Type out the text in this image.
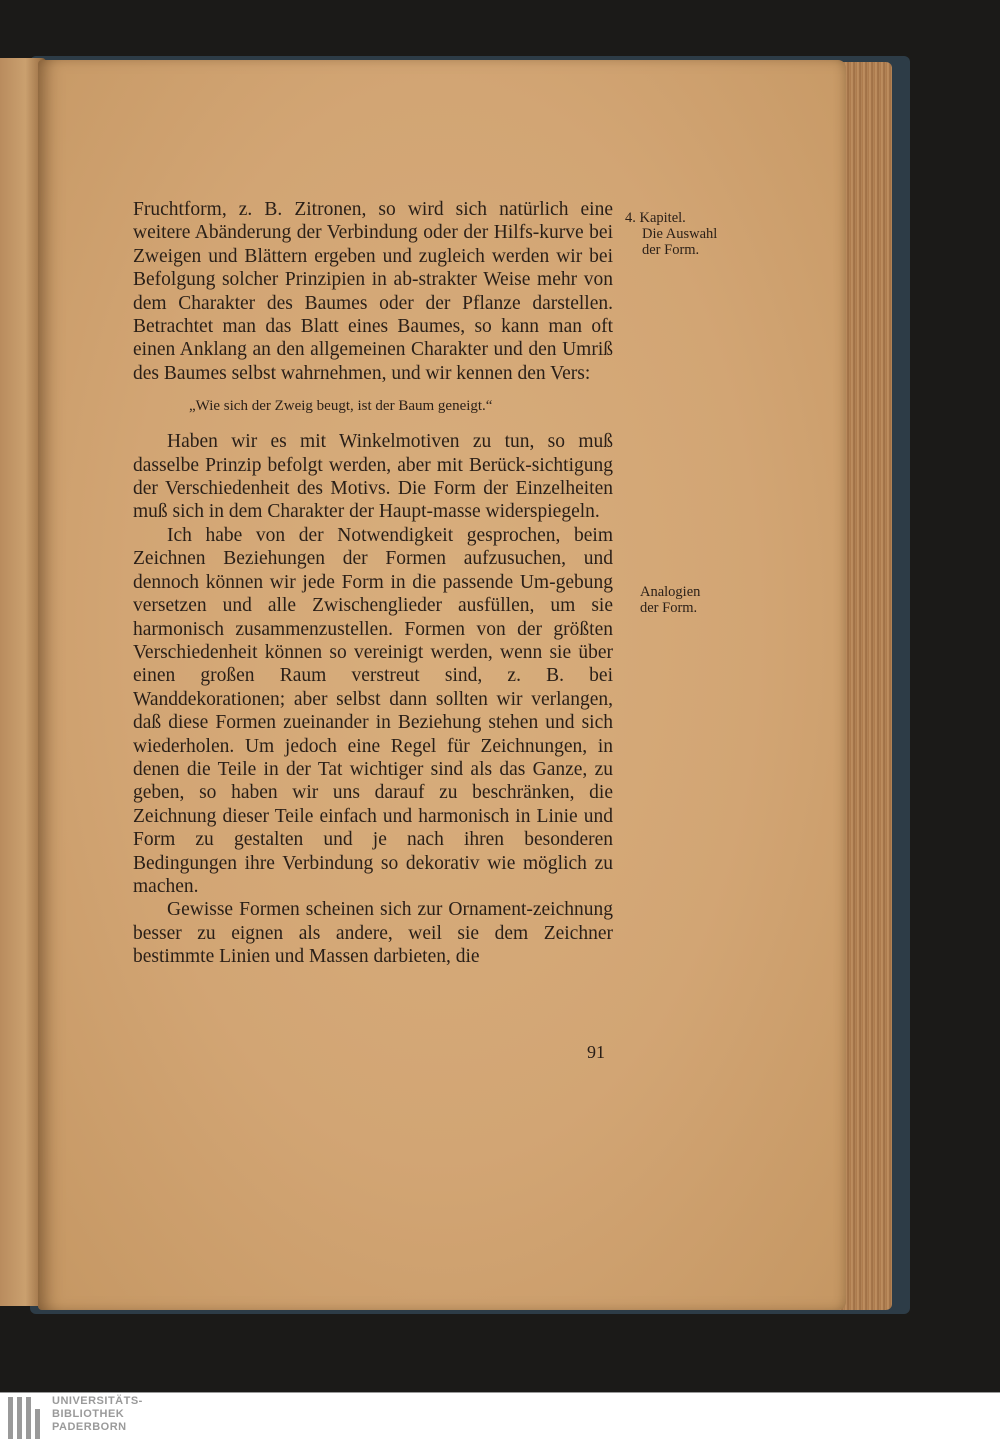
Fruchtform, z. B. Zitronen, so wird sich natürlich eine weitere Abänderung der Verbindung oder der Hilfs-kurve bei Zweigen und Blättern ergeben und zugleich werden wir bei Befolgung solcher Prinzipien in ab-strakter Weise mehr von dem Charakter des Baumes oder der Pflanze darstellen. Betrachtet man das Blatt eines Baumes, so kann man oft einen Anklang an den allgemeinen Charakter und den Umriß des Baumes selbst wahrnehmen, und wir kennen den Vers:

„Wie sich der Zweig beugt, ist der Baum geneigt.“

Haben wir es mit Winkelmotiven zu tun, so muß dasselbe Prinzip befolgt werden, aber mit Berück-sichtigung der Verschiedenheit des Motivs. Die Form der Einzelheiten muß sich in dem Charakter der Haupt-masse widerspiegeln.

Ich habe von der Notwendigkeit gesprochen, beim Zeichnen Beziehungen der Formen aufzusuchen, und dennoch können wir jede Form in die passende Um-gebung versetzen und alle Zwischenglieder ausfüllen, um sie harmonisch zusammenzustellen. Formen von der größten Verschiedenheit können so vereinigt werden, wenn sie über einen großen Raum verstreut sind, z. B. bei Wanddekorationen; aber selbst dann sollten wir verlangen, daß diese Formen zueinander in Beziehung stehen und sich wiederholen. Um jedoch eine Regel für Zeichnungen, in denen die Teile in der Tat wichtiger sind als das Ganze, zu geben, so haben wir uns darauf zu beschränken, die Zeichnung dieser Teile einfach und harmonisch in Linie und Form zu gestalten und je nach ihren besonderen Bedingungen ihre Verbindung so dekorativ wie möglich zu machen.

Gewisse Formen scheinen sich zur Ornament-zeichnung besser zu eignen als andere, weil sie dem Zeichner bestimmte Linien und Massen darbieten, die

4. Kapitel.
Die Auswahl
der Form.
Analogien
der Form.
91
UNIVERSITÄTS-
BIBLIOTHEK
PADERBORN
